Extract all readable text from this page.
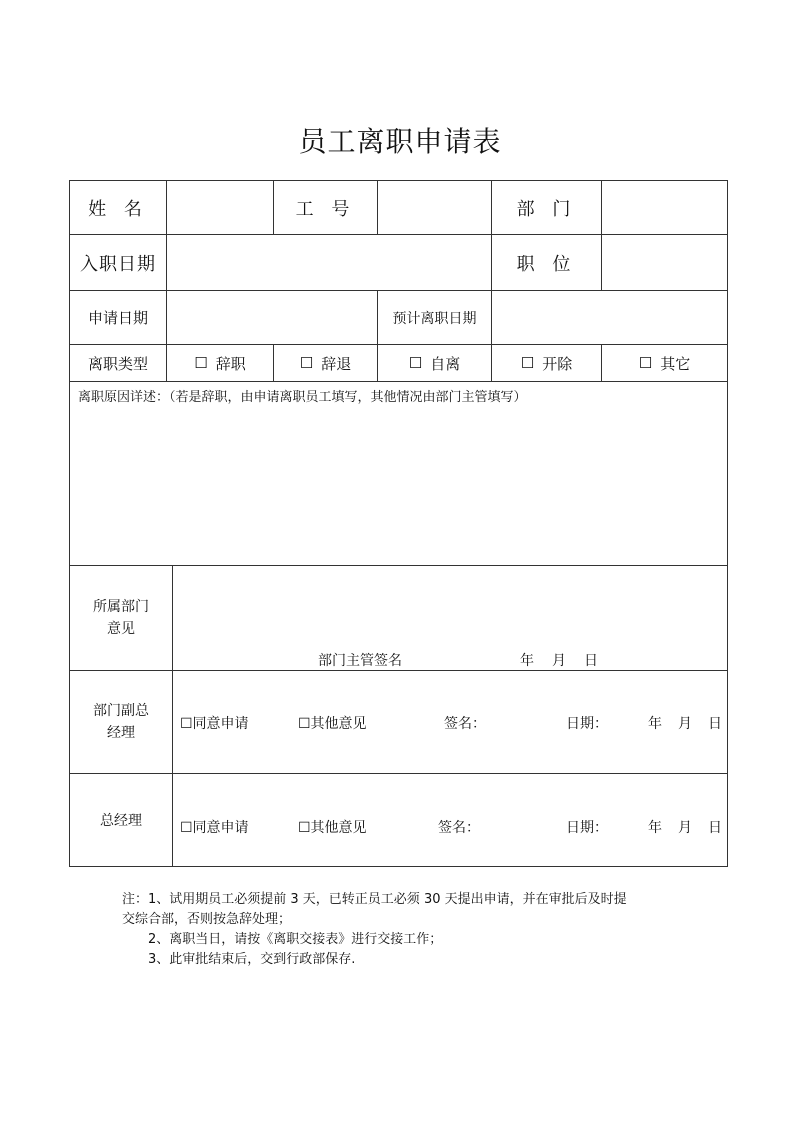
员工离职申请表
姓 名	工 号	部 门
入职日期	职 位
申请日期	预计离职日期
离职类型	☐ 辞职	☐ 辞退	☐ 自离	☐ 开除	☐ 其它
离职原因详述：（若是辞职，由申请离职员工填写，其他情况由部门主管填写）
所属部门
意见
部门主管签名	年 月 日
部门副总
经理
☐同意申请	☐其他意见	签名：	日期：	年 月 日
总经理	☐同意申请	☐其他意见	签名：	日期：	年 月 日
注：1、试用期员工必须提前 3 天，已转正员工必须 30 天提出申请，并在审批后及时提
交综合部，否则按急辞处理；
2、离职当日，请按《离职交接表》进行交接工作；
3、此审批结束后，交到行政部保存.
